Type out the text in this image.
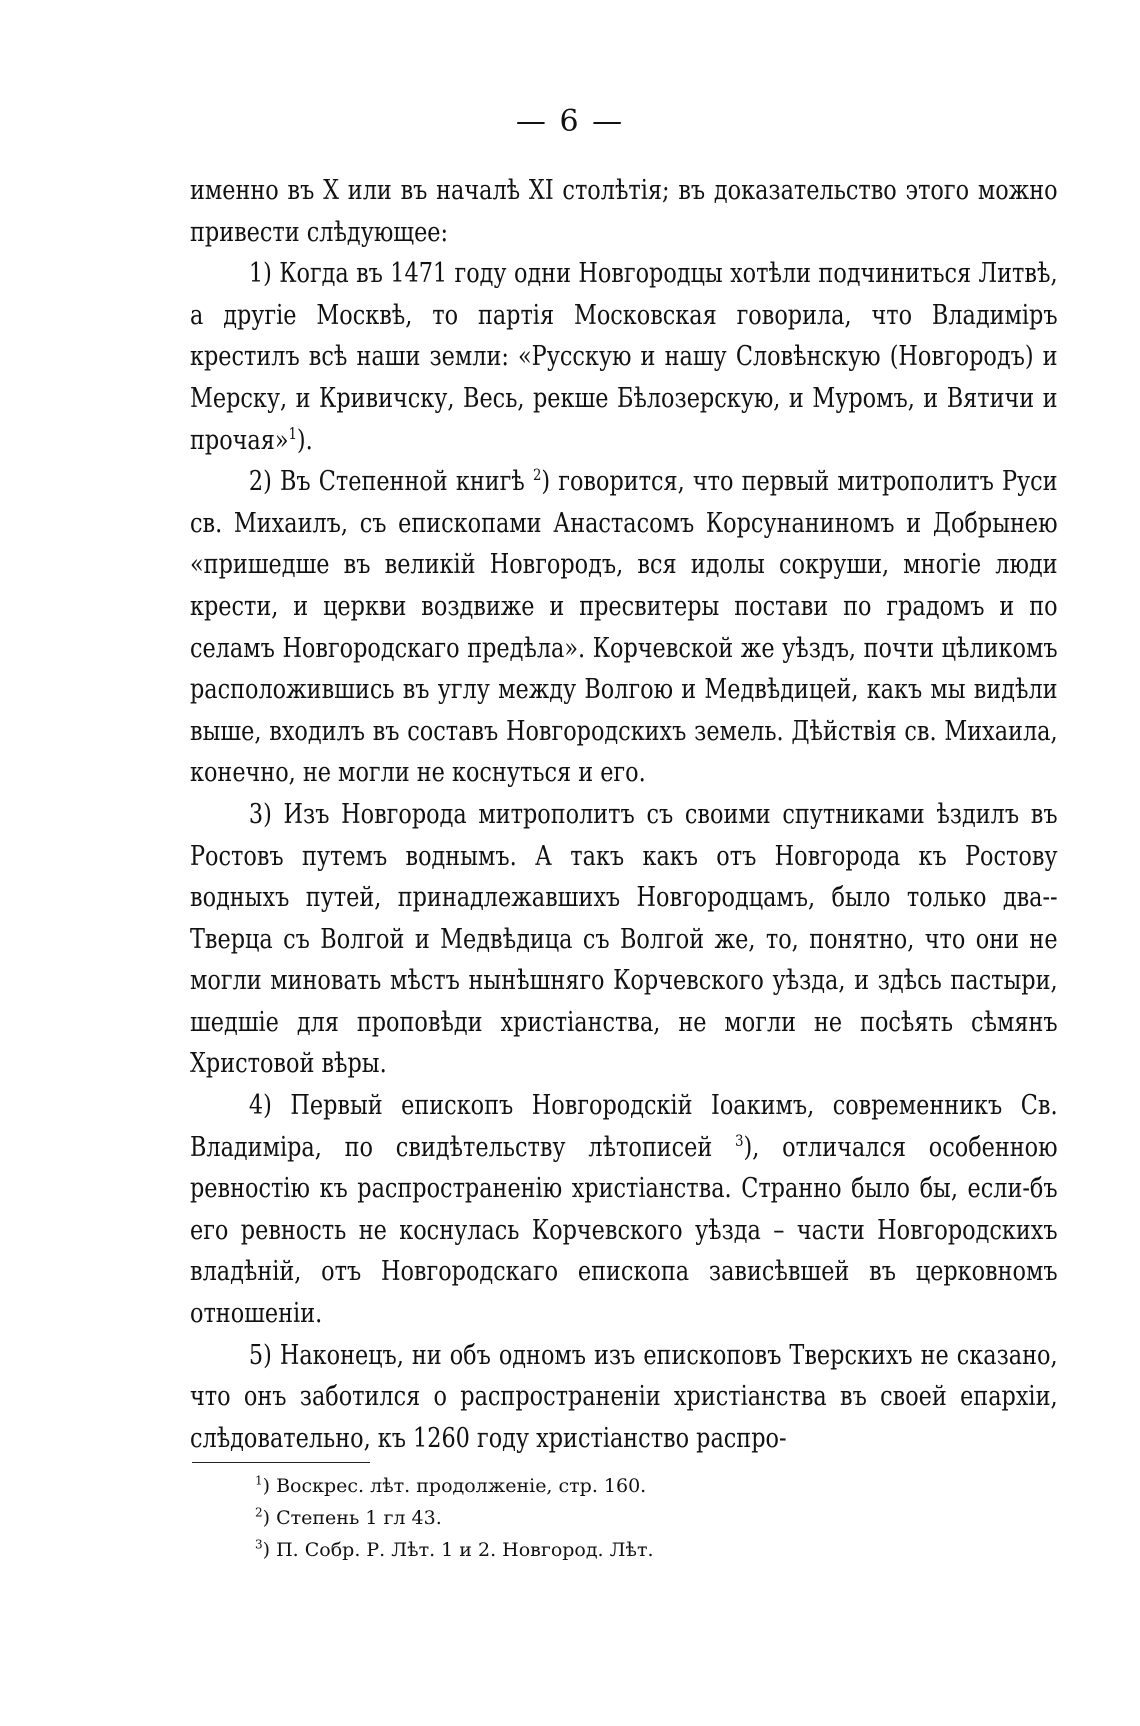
— 6 —

именно въ X или въ началѣ XI столѣтія; въ доказательство этого можно привести слѣдующее:

1) Когда въ 1471 году одни Новгородцы хотѣли подчиниться Литвѣ, а другіе Москвѣ, то партія Московская говорила, что Владиміръ крестилъ всѣ наши земли: «Русскую и нашу Словѣнскую (Новгородъ) и Мерску, и Кривичску, Весь, рекше Бѣлозерскую, и Муромъ, и Вятичи и прочая»$^1$).

2) Въ Степенной книгѣ $^2$) говорится, что первый митрополитъ Руси св. Михаилъ, съ епископами Анастасомъ Корсунаниномъ и Добрынею «пришедше въ великій Новгородъ, вся идолы сокруши, многіе люди крести, и церкви воздвиже и пресвитеры постави по градомъ и по селамъ Новгородскаго предѣла». Корчевской же уѣздъ, почти цѣликомъ расположившись въ углу между Волгою и Медвѣдицей, какъ мы видѣли выше, входилъ въ составъ Новгородскихъ земель. Дѣйствія св. Михаила, конечно, не могли не коснуться и его.

3) Изъ Новгорода митрополитъ съ своими спутниками ѣздилъ въ Ростовъ путемъ воднымъ. А такъ какъ отъ Новгорода къ Ростову водныхъ путей, принадлежавшихъ Новгородцамъ, было только два--Тверца съ Волгой и Медвѣдица съ Волгой же, то, понятно, что они не могли миновать мѣстъ нынѣшняго Корчевского уѣзда, и здѣсь пастыри, шедшіе для проповѣди христіанства, не могли не посѣять сѣмянъ Христовой вѣры.

4) Первый епископъ Новгородскій Іоакимъ, современникъ Св. Владиміра, по свидѣтельству лѣтописей $^3$), отличался особенною ревностію къ распространенію христіанства. Странно было бы, если-бъ его ревность не коснулась Корчевского уѣзда – части Новгородскихъ владѣній, отъ Новгородскаго епископа зависѣвшей въ церковномъ отношеніи.

5) Наконецъ, ни объ одномъ изъ епископовъ Тверскихъ не сказано, что онъ заботился о распространеніи христіанства въ своей епархіи, слѣдовательно, къ 1260 году христіанство распро-

$^1$) Воскрес. лѣт. продолженіе, стр. 160.
$^2$) Степень 1 гл 43.
$^3$) П. Собр. Р. Лѣт. 1 и 2. Новгород. Лѣт.
